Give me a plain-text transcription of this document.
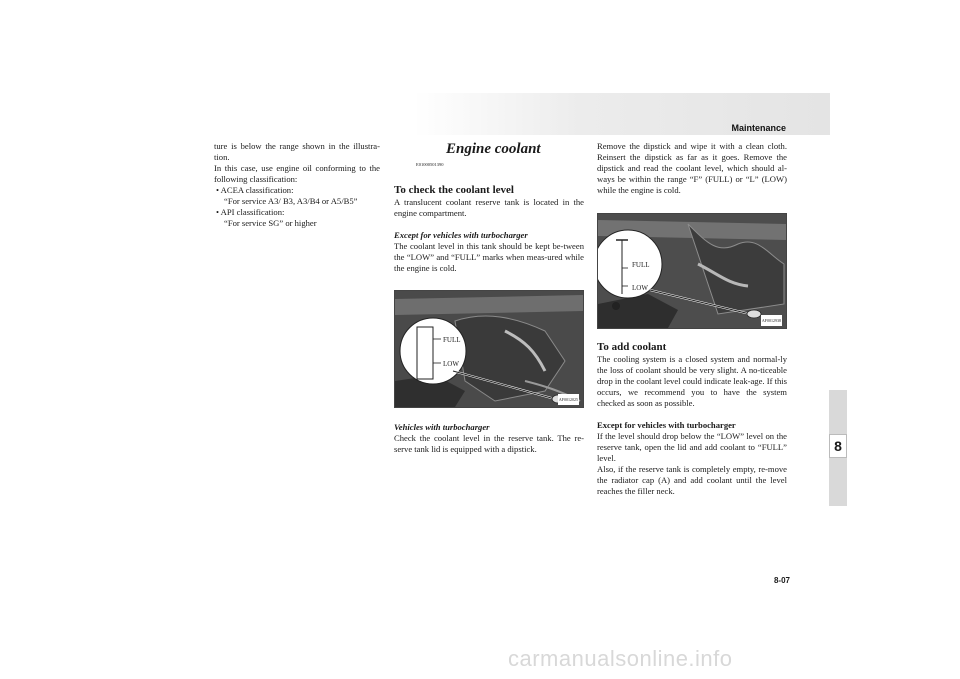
Maintenance
8
8-07

ture is below the range shown in the illustra-tion.

In this case, use engine oil conforming to the following classification:

• ACEA classification:

“For service A3/ B3, A3/B4 or A5/B5”

• API classification:

“For service SG” or higher

Engine coolant E01000501390

To check the coolant level

A translucent coolant reserve tank is located in the engine compartment.

Except for vehicles with turbocharger

The coolant level in this tank should be kept be-tween the “LOW” and “FULL” marks when meas-ured while the engine is cold.

FULL
LOW
AF0012025

Vehicles with turbocharger

Check the coolant level in the reserve tank. The re-serve tank lid is equipped with a dipstick.

Remove the dipstick and wipe it with a clean cloth. Reinsert the dipstick as far as it goes. Remove the dipstick and read the coolant level, which should al-ways be within the range “F” (FULL) or “L” (LOW) while the engine is cold.

FULL
LOW
AF0012938

To add coolant

The cooling system is a closed system and normal-ly the loss of coolant should be very slight. A no-ticeable drop in the coolant level could indicate leak-age. If this occurs, we recommend you to have the system checked as soon as possible.

Except for vehicles with turbocharger

If the level should drop below the “LOW” level on the reserve tank, open the lid and add coolant to “FULL” level.

Also, if the reserve tank is completely empty, re-move the radiator cap (A) and add coolant until the level reaches the filler neck.

carmanualsonline.info
